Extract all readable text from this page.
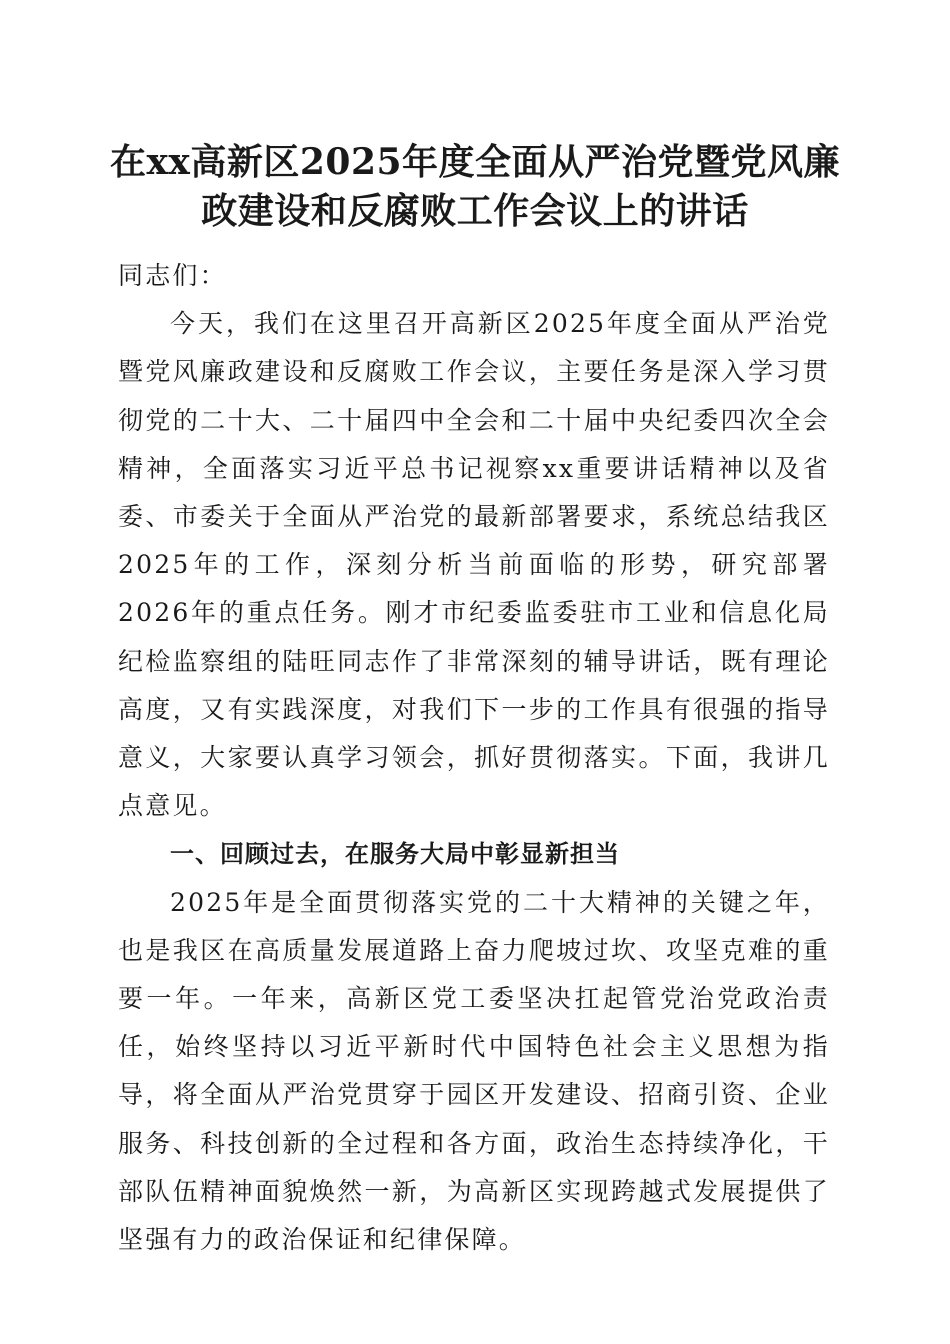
在xx高新区2025年度全面从严治党暨党风廉
政建设和反腐败工作会议上的讲话

同志们：

今天，我们在这里召开高新区2025年度全面从严治党暨党风廉政建设和反腐败工作会议，主要任务是深入学习贯彻党的二十大、二十届四中全会和二十届中央纪委四次全会精神，全面落实习近平总书记视察xx重要讲话精神以及省委、市委关于全面从严治党的最新部署要求，系统总结我区2025年的工作，深刻分析当前面临的形势，研究部署2026年的重点任务。刚才市纪委监委驻市工业和信息化局纪检监察组的陆旺同志作了非常深刻的辅导讲话，既有理论高度，又有实践深度，对我们下一步的工作具有很强的指导意义，大家要认真学习领会，抓好贯彻落实。下面，我讲几点意见。

一、回顾过去，在服务大局中彰显新担当

2025年是全面贯彻落实党的二十大精神的关键之年，也是我区在高质量发展道路上奋力爬坡过坎、攻坚克难的重要一年。一年来，高新区党工委坚决扛起管党治党政治责任，始终坚持以习近平新时代中国特色社会主义思想为指导，将全面从严治党贯穿于园区开发建设、招商引资、企业服务、科技创新的全过程和各方面，政治生态持续净化，干部队伍精神面貌焕然一新，为高新区实现跨越式发展提供了坚强有力的政治保证和纪律保障。
